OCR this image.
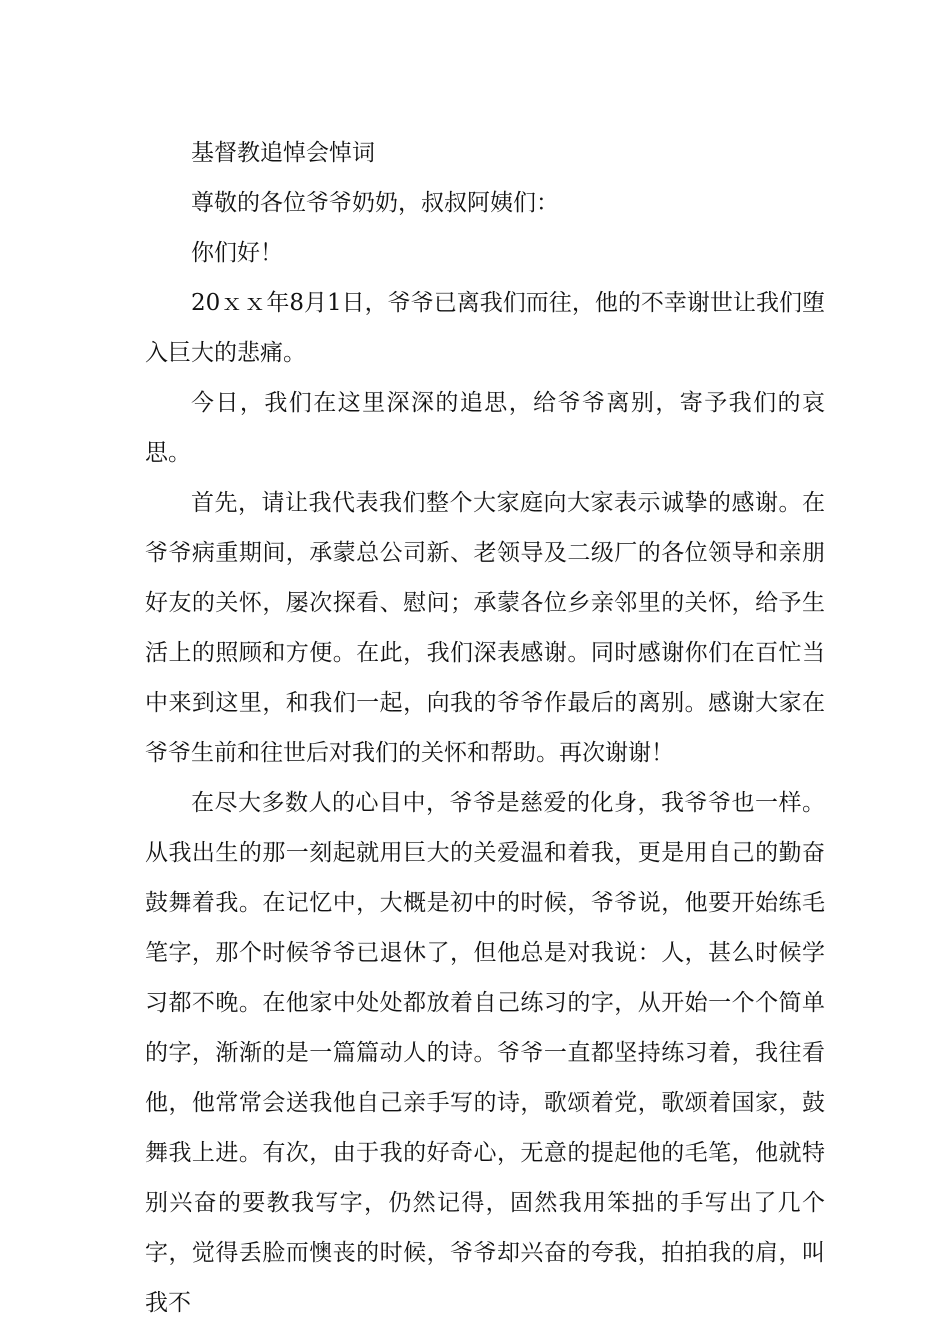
基督教追悼会悼词

尊敬的各位爷爷奶奶，叔叔阿姨们：

你们好！

20ｘｘ年8月1日，爷爷已离我们而往，他的不幸谢世让我们堕入巨大的悲痛。

今日，我们在这里深深的追思，给爷爷离别，寄予我们的哀思。

首先，请让我代表我们整个大家庭向大家表示诚挚的感谢。在爷爷病重期间，承蒙总公司新、老领导及二级厂的各位领导和亲朋好友的关怀，屡次探看、慰问；承蒙各位乡亲邻里的关怀，给予生活上的照顾和方便。在此，我们深表感谢。同时感谢你们在百忙当中来到这里，和我们一起，向我的爷爷作最后的离别。感谢大家在爷爷生前和往世后对我们的关怀和帮助。再次谢谢！

在尽大多数人的心目中，爷爷是慈爱的化身，我爷爷也一样。从我出生的那一刻起就用巨大的关爱温和着我，更是用自己的勤奋鼓舞着我。在记忆中，大概是初中的时候，爷爷说，他要开始练毛笔字，那个时候爷爷已退休了，但他总是对我说：人，甚么时候学习都不晚。在他家中处处都放着自己练习的字，从开始一个个简单的字，渐渐的是一篇篇动人的诗。爷爷一直都坚持练习着，我往看他，他常常会送我他自己亲手写的诗，歌颂着党，歌颂着国家，鼓舞我上进。有次，由于我的好奇心，无意的提起他的毛笔，他就特别兴奋的要教我写字，仍然记得，固然我用笨拙的手写出了几个字，觉得丢脸而懊丧的时候，爷爷却兴奋的夸我，拍拍我的肩，叫我不
